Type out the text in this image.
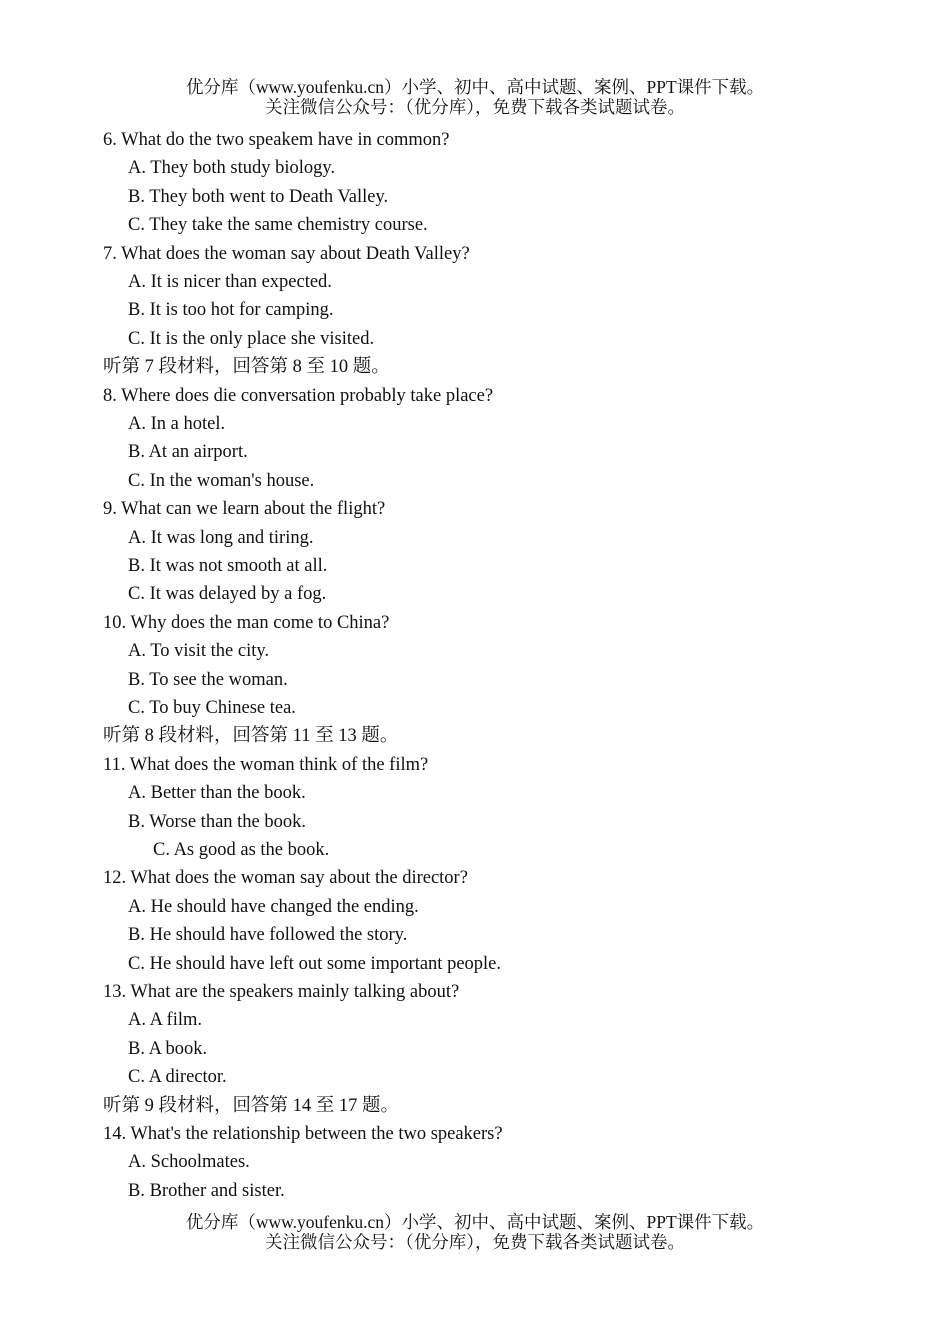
优分库（www.youfenku.cn）小学、初中、高中试题、案例、PPT课件下载。
关注微信公众号：（优分库），免费下载各类试题试卷。
6. What do the two speakem have in common?
A. They both study biology.
B. They both went to Death Valley.
C. They take the same chemistry course.
7. What does the woman say about Death Valley?
A. It is nicer than expected.
B. It is too hot for camping.
C. It is the only place she visited.
听第 7 段材料，回答第 8 至 10 题。
8. Where does die conversation probably take place?
A. In a hotel.
B. At an airport.
C. In the woman's house.
9. What can we learn about the flight?
A. It was long and tiring.
B. It was not smooth at all.
C. It was delayed by a fog.
10. Why does the man come to China?
A. To visit the city.
B. To see the woman.
C. To buy Chinese tea.
听第 8 段材料，回答第 11 至 13 题。
11. What does the woman think of the film?
A. Better than the book.
B. Worse than the book.
C. As good as the book.
12. What does the woman say about the director?
A. He should have changed the ending.
B. He should have followed the story.
C. He should have left out some important people.
13. What are the speakers mainly talking about?
A. A film.
B. A book.
C. A director.
听第 9 段材料，回答第 14 至 17 题。
14. What's the relationship between the two speakers?
A. Schoolmates.
B. Brother and sister.
优分库（www.youfenku.cn）小学、初中、高中试题、案例、PPT课件下载。
关注微信公众号：（优分库），免费下载各类试题试卷。
